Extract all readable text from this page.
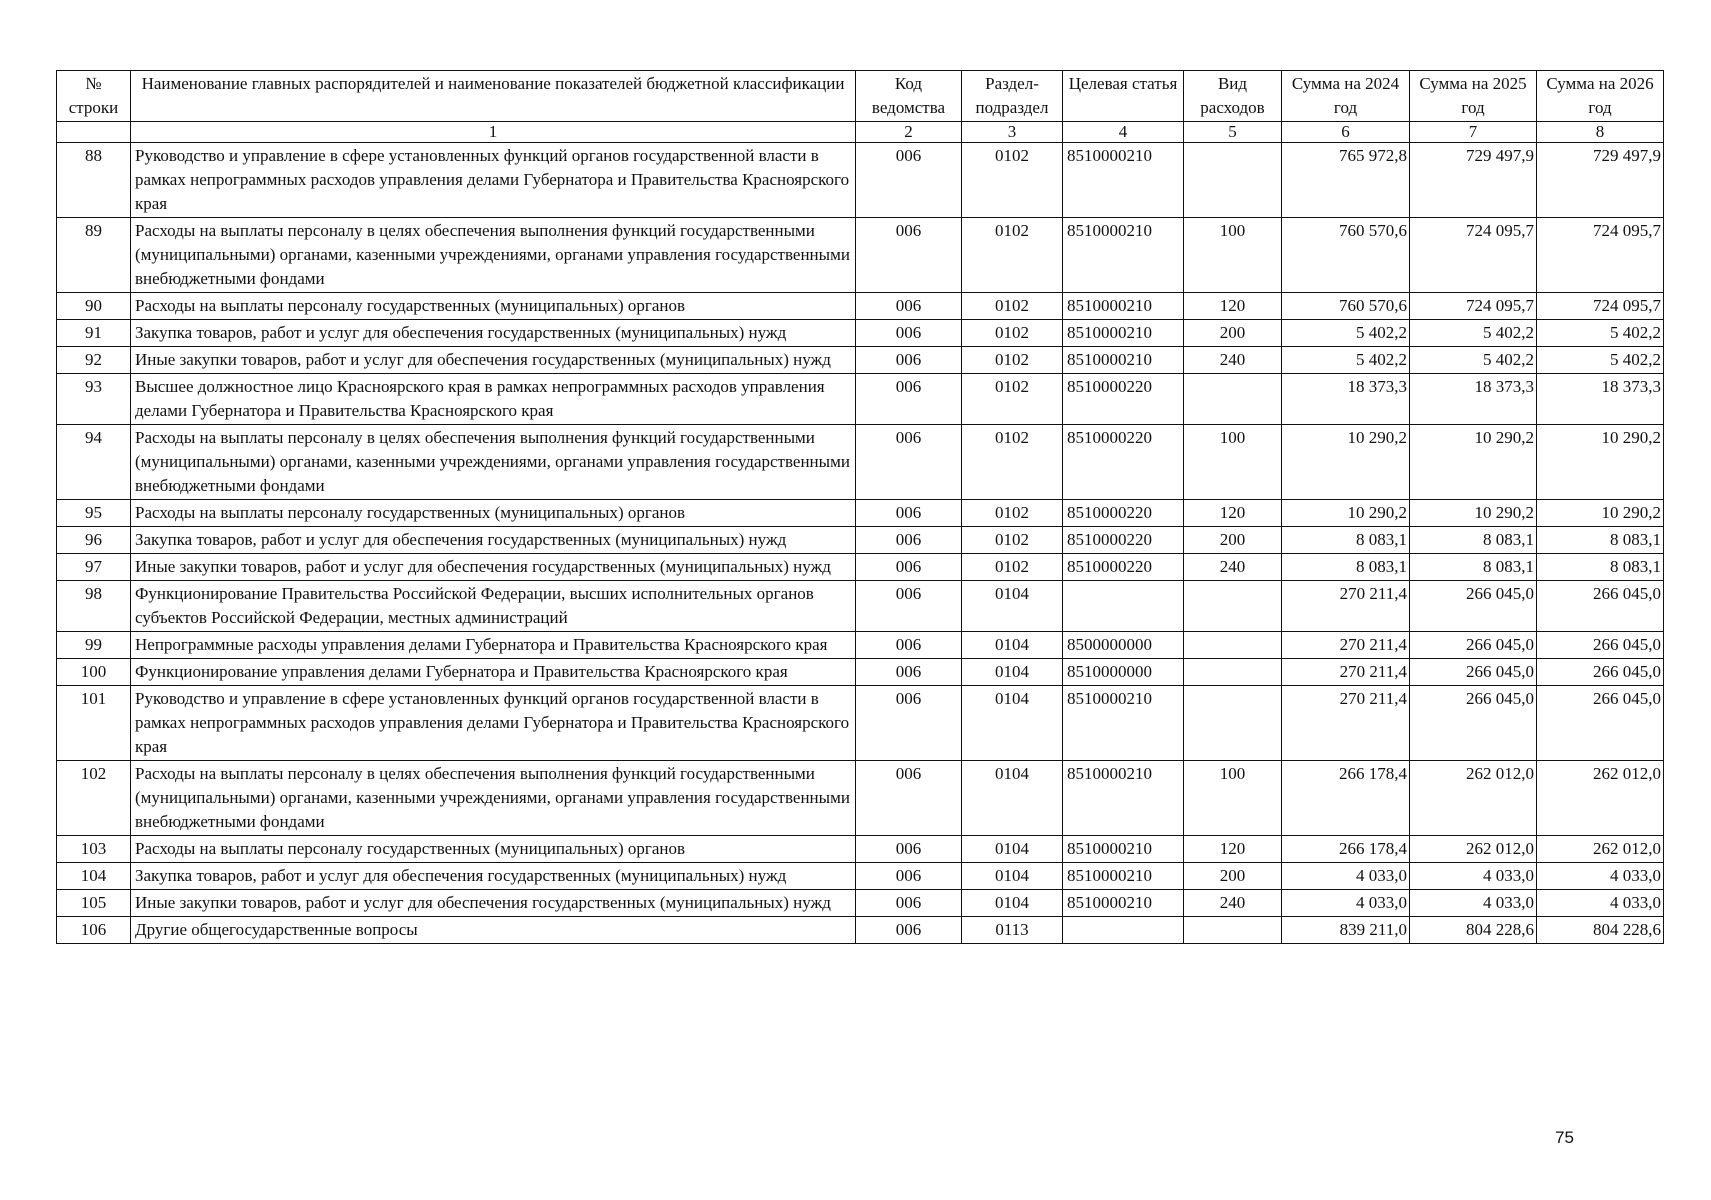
№ строки	Наименование главных распорядителей и наименование показателей бюджетной классификации	Код ведомства	Раздел-подраздел	Целевая статья	Вид расходов	Сумма на 2024 год	Сумма на 2025 год	Сумма на 2026 год
	1	2	3	4	5	6	7	8
88	Руководство и управление в сфере установленных функций органов государственной власти в рамках непрограммных расходов управления делами Губернатора и Правительства Красноярского края	006	0102	8510000210		765 972,8	729 497,9	729 497,9
89	Расходы на выплаты персоналу в целях обеспечения выполнения функций государственными (муниципальными) органами, казенными учреждениями, органами управления государственными внебюджетными фондами	006	0102	8510000210	100	760 570,6	724 095,7	724 095,7
90	Расходы на выплаты персоналу государственных (муниципальных) органов	006	0102	8510000210	120	760 570,6	724 095,7	724 095,7
91	Закупка товаров, работ и услуг для обеспечения государственных (муниципальных) нужд	006	0102	8510000210	200	5 402,2	5 402,2	5 402,2
92	Иные закупки товаров, работ и услуг для обеспечения государственных (муниципальных) нужд	006	0102	8510000210	240	5 402,2	5 402,2	5 402,2
93	Высшее должностное лицо Красноярского края в рамках непрограммных расходов управления делами Губернатора и Правительства Красноярского края	006	0102	8510000220		18 373,3	18 373,3	18 373,3
94	Расходы на выплаты персоналу в целях обеспечения выполнения функций государственными (муниципальными) органами, казенными учреждениями, органами управления государственными внебюджетными фондами	006	0102	8510000220	100	10 290,2	10 290,2	10 290,2
95	Расходы на выплаты персоналу государственных (муниципальных) органов	006	0102	8510000220	120	10 290,2	10 290,2	10 290,2
96	Закупка товаров, работ и услуг для обеспечения государственных (муниципальных) нужд	006	0102	8510000220	200	8 083,1	8 083,1	8 083,1
97	Иные закупки товаров, работ и услуг для обеспечения государственных (муниципальных) нужд	006	0102	8510000220	240	8 083,1	8 083,1	8 083,1
98	Функционирование Правительства Российской Федерации, высших исполнительных органов субъектов Российской Федерации, местных администраций	006	0104			270 211,4	266 045,0	266 045,0
99	Непрограммные расходы управления делами Губернатора и Правительства Красноярского края	006	0104	8500000000		270 211,4	266 045,0	266 045,0
100	Функционирование управления делами Губернатора и Правительства Красноярского края	006	0104	8510000000		270 211,4	266 045,0	266 045,0
101	Руководство и управление в сфере установленных функций органов государственной власти в рамках непрограммных расходов управления делами Губернатора и Правительства Красноярского края	006	0104	8510000210		270 211,4	266 045,0	266 045,0
102	Расходы на выплаты персоналу в целях обеспечения выполнения функций государственными (муниципальными) органами, казенными учреждениями, органами управления государственными внебюджетными фондами	006	0104	8510000210	100	266 178,4	262 012,0	262 012,0
103	Расходы на выплаты персоналу государственных (муниципальных) органов	006	0104	8510000210	120	266 178,4	262 012,0	262 012,0
104	Закупка товаров, работ и услуг для обеспечения государственных (муниципальных) нужд	006	0104	8510000210	200	4 033,0	4 033,0	4 033,0
105	Иные закупки товаров, работ и услуг для обеспечения государственных (муниципальных) нужд	006	0104	8510000210	240	4 033,0	4 033,0	4 033,0
106	Другие общегосударственные вопросы	006	0113			839 211,0	804 228,6	804 228,6
75
